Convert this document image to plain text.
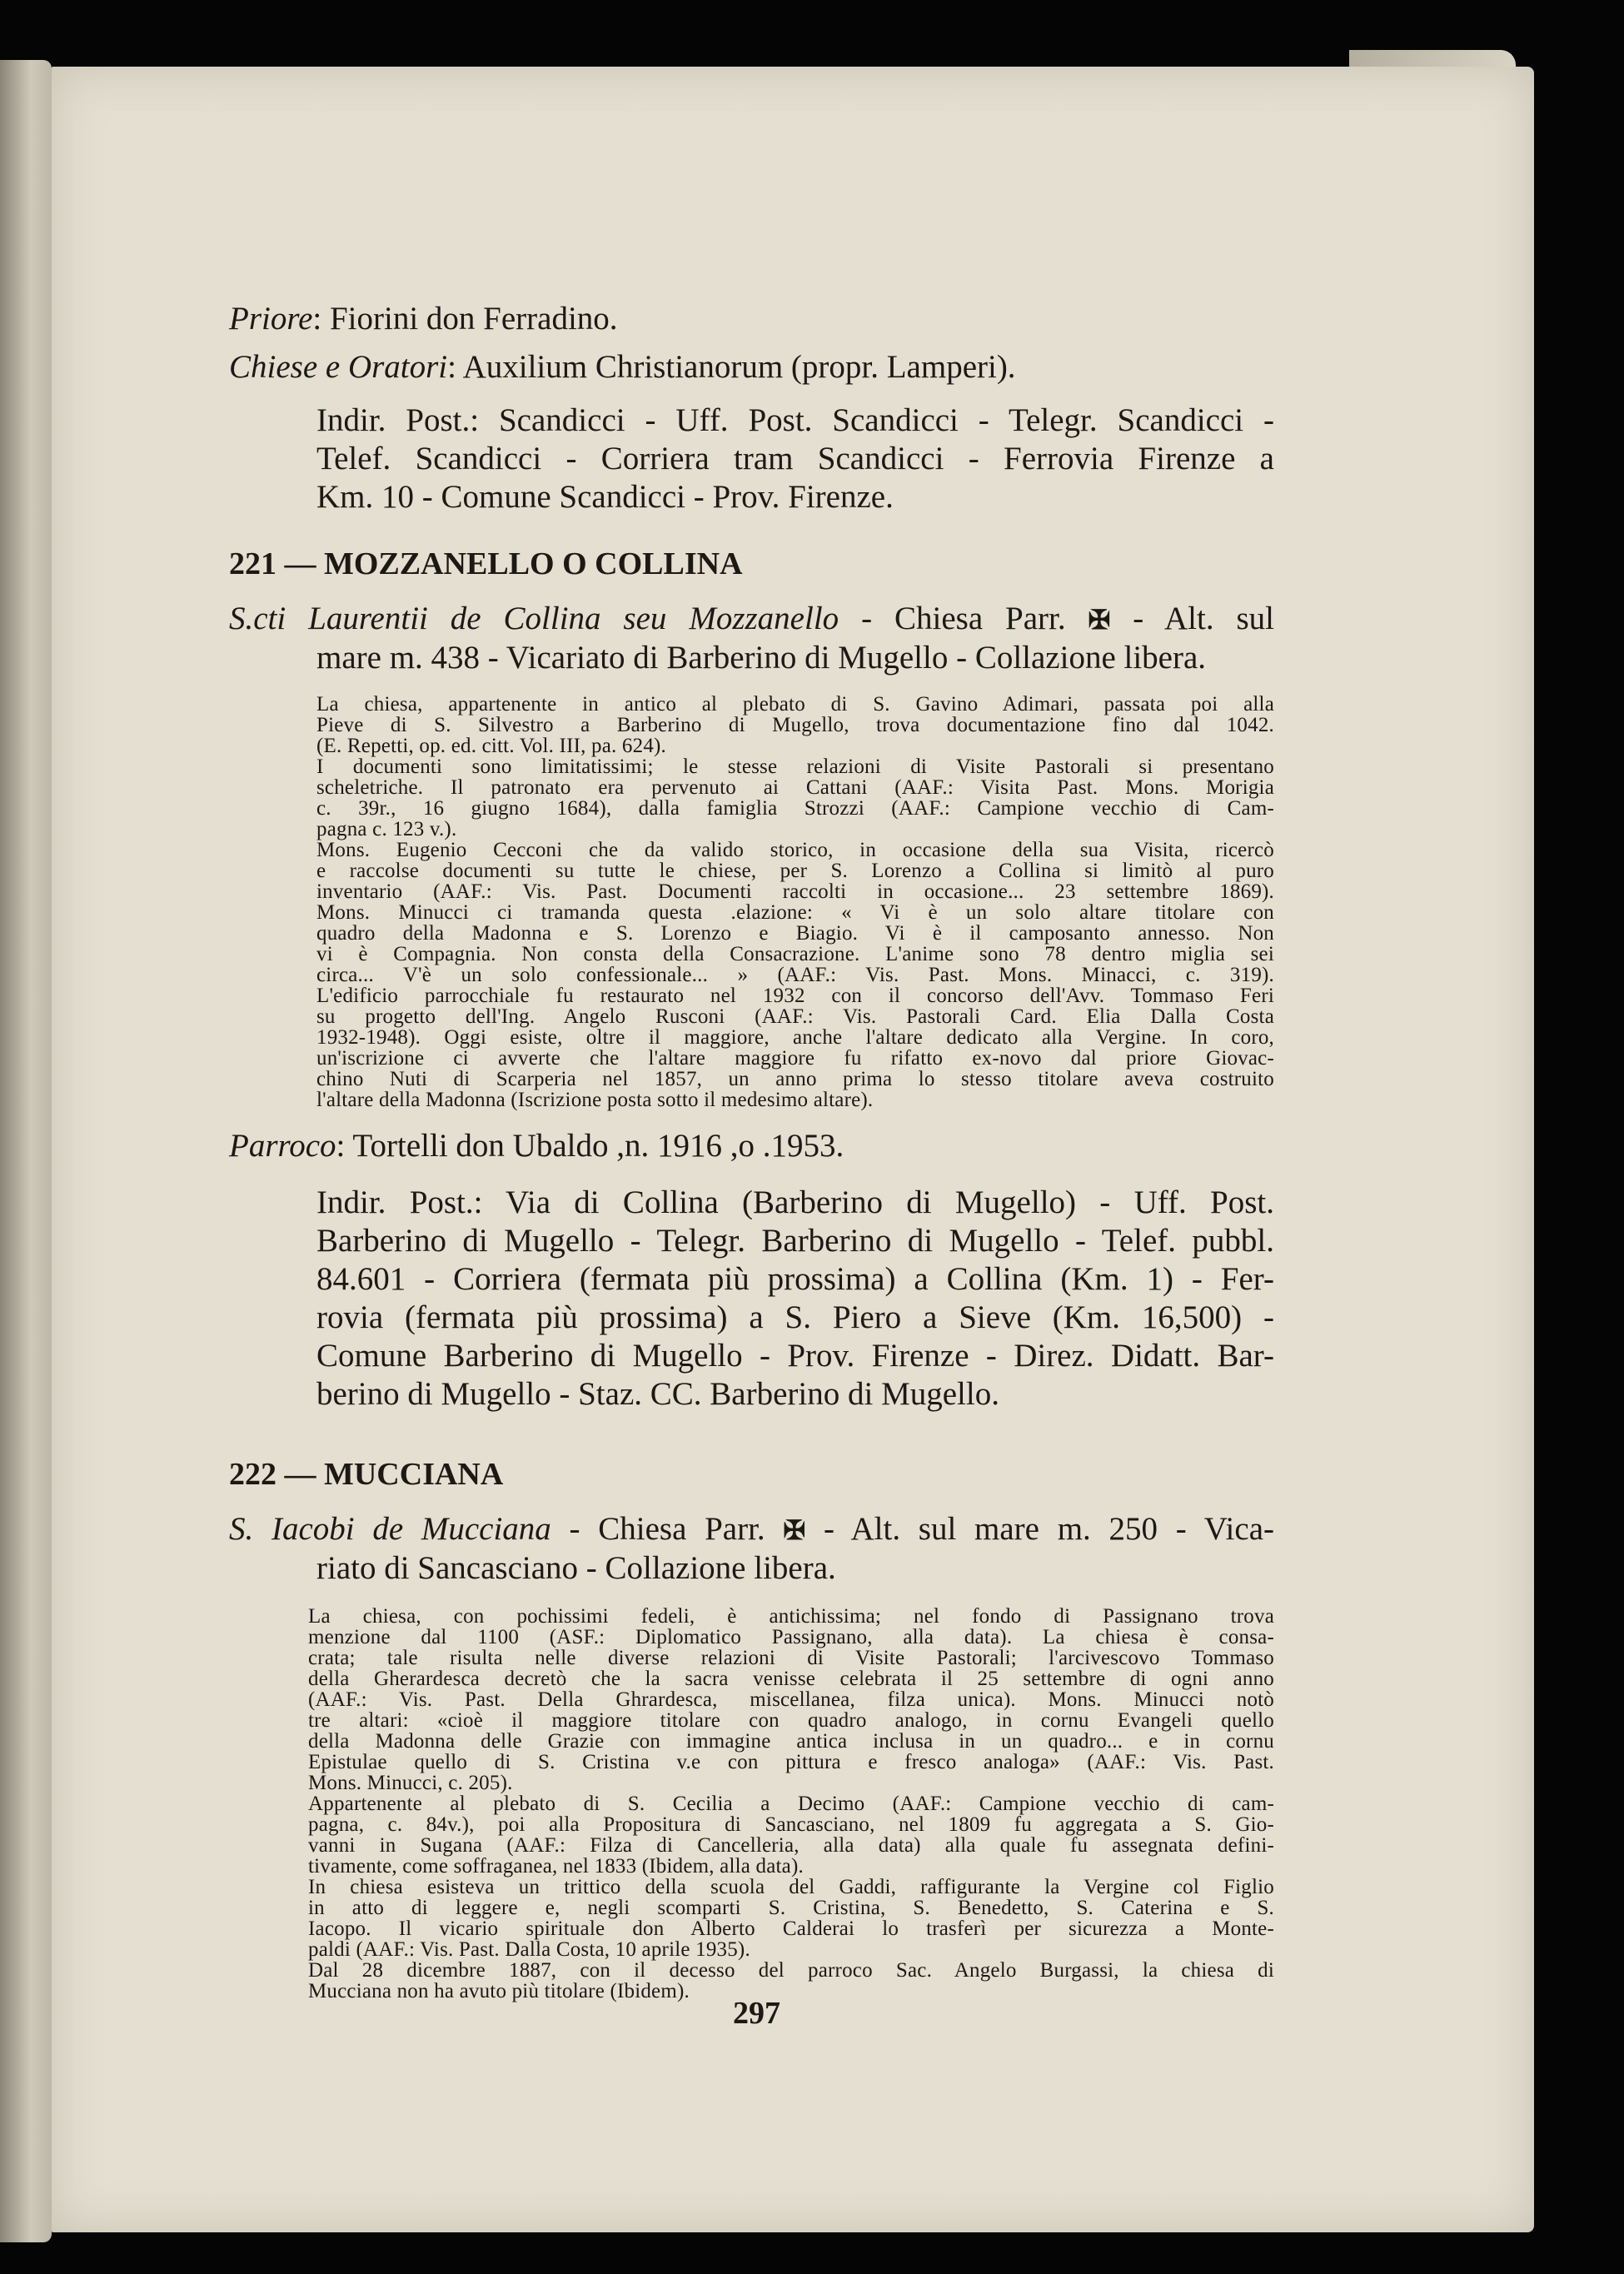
Priore: Fiorini don Ferradino.

Chiese e Oratori: Auxilium Christianorum (propr. Lamperi).

Indir. Post.: Scandicci - Uff. Post. Scandicci - Telegr. Scandicci -

Telef. Scandicci - Corriera tram Scandicci - Ferrovia Firenze a

Km. 10 - Comune Scandicci - Prov. Firenze.

221 — MOZZANELLO O COLLINA

S.cti Laurentii de Collina seu Mozzanello - Chiesa Parr. ✠ - Alt. sul

mare m. 438 - Vicariato di Barberino di Mugello - Collazione libera.

La chiesa, appartenente in antico al plebato di S. Gavino Adimari, passata poi alla

Pieve di S. Silvestro a Barberino di Mugello, trova documentazione fino dal 1042.

(E. Repetti, op. ed. citt. Vol. III, pa. 624).

I documenti sono limitatissimi; le stesse relazioni di Visite Pastorali si presentano

scheletriche. Il patronato era pervenuto ai Cattani (AAF.: Visita Past. Mons. Morigia

c. 39r., 16 giugno 1684), dalla famiglia Strozzi (AAF.: Campione vecchio di Cam-

pagna c. 123 v.).

Mons. Eugenio Cecconi che da valido storico, in occasione della sua Visita, ricercò

e raccolse documenti su tutte le chiese, per S. Lorenzo a Collina si limitò al puro

inventario (AAF.: Vis. Past. Documenti raccolti in occasione... 23 settembre 1869).

Mons. Minucci ci tramanda questa .elazione: « Vi è un solo altare titolare con

quadro della Madonna e S. Lorenzo e Biagio. Vi è il camposanto annesso. Non

vi è Compagnia. Non consta della Consacrazione. L'anime sono 78 dentro miglia sei

circa... V'è un solo confessionale... » (AAF.: Vis. Past. Mons. Minacci, c. 319).

L'edificio parrocchiale fu restaurato nel 1932 con il concorso dell'Avv. Tommaso Feri

su progetto dell'Ing. Angelo Rusconi (AAF.: Vis. Pastorali Card. Elia Dalla Costa

1932-1948). Oggi esiste, oltre il maggiore, anche l'altare dedicato alla Vergine. In coro,

un'iscrizione ci avverte che l'altare maggiore fu rifatto ex-novo dal priore Giovac-

chino Nuti di Scarperia nel 1857, un anno prima lo stesso titolare aveva costruito

l'altare della Madonna (Iscrizione posta sotto il medesimo altare).

Parroco: Tortelli don Ubaldo ,n. 1916 ,o .1953.

Indir. Post.: Via di Collina (Barberino di Mugello) - Uff. Post.

Barberino di Mugello - Telegr. Barberino di Mugello - Telef. pubbl.

84.601 - Corriera (fermata più prossima) a Collina (Km. 1) - Fer-

rovia (fermata più prossima) a S. Piero a Sieve (Km. 16,500) -

Comune Barberino di Mugello - Prov. Firenze - Direz. Didatt. Bar-

berino di Mugello - Staz. CC. Barberino di Mugello.

222 — MUCCIANA

S. Iacobi de Mucciana - Chiesa Parr. ✠ - Alt. sul mare m. 250 - Vica-

riato di Sancasciano - Collazione libera.

La chiesa, con pochissimi fedeli, è antichissima; nel fondo di Passignano trova

menzione dal 1100 (ASF.: Diplomatico Passignano, alla data). La chiesa è consa-

crata; tale risulta nelle diverse relazioni di Visite Pastorali; l'arcivescovo Tommaso

della Gherardesca decretò che la sacra venisse celebrata il 25 settembre di ogni anno

(AAF.: Vis. Past. Della Ghrardesca, miscellanea, filza unica). Mons. Minucci notò

tre altari: «cioè il maggiore titolare con quadro analogo, in cornu Evangeli quello

della Madonna delle Grazie con immagine antica inclusa in un quadro... e in cornu

Epistulae quello di S. Cristina v.e con pittura e fresco analoga» (AAF.: Vis. Past.

Mons. Minucci, c. 205).

Appartenente al plebato di S. Cecilia a Decimo (AAF.: Campione vecchio di cam-

pagna, c. 84v.), poi alla Propositura di Sancasciano, nel 1809 fu aggregata a S. Gio-

vanni in Sugana (AAF.: Filza di Cancelleria, alla data) alla quale fu assegnata defini-

tivamente, come soffraganea, nel 1833 (Ibidem, alla data).

In chiesa esisteva un trittico della scuola del Gaddi, raffigurante la Vergine col Figlio

in atto di leggere e, negli scomparti S. Cristina, S. Benedetto, S. Caterina e S.

Iacopo. Il vicario spirituale don Alberto Calderai lo trasferì per sicurezza a Monte-

paldi (AAF.: Vis. Past. Dalla Costa, 10 aprile 1935).

Dal 28 dicembre 1887, con il decesso del parroco Sac. Angelo Burgassi, la chiesa di

Mucciana non ha avuto più titolare (Ibidem).

297
